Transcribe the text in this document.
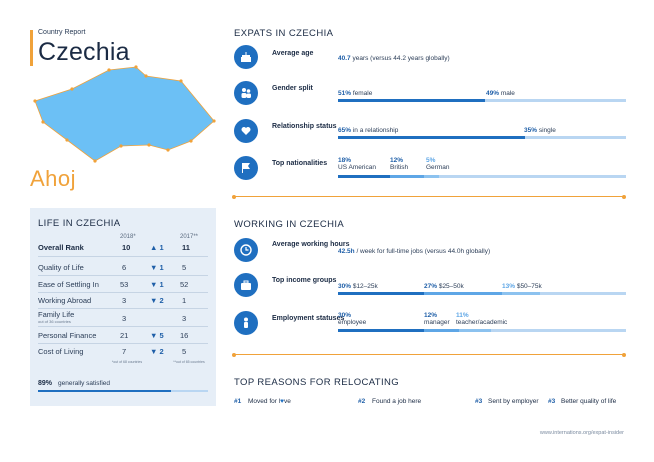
Country Report
Czechia
Ahoj
LIFE IN CZECHIA
2018*	2017**
Overall Rank	10	▲ 1 11
Quality of Life	6	▼ 1 5
Ease of Settling In	53	▼ 1 52
Working Abroad	3	▼ 2 1
Family Life
out of 36 countries	3	3
Personal Finance	21	▼ 5 16
Cost of Living	7	▼ 2 5
*out of 68 countries	**out of 65 countries
89% generally satisfied
EXPATS IN CZECHIA
Average age
40.7 years (versus 44.2 years globally)
Gender split
51% female	49% male
Relationship status
65% in a relationship	35% single
Top nationalities 18%
US American
12%
British
5%
German
WORKING IN CZECHIA
Average working hours
42.5h / week for full-time jobs (versus 44.0h globally)
Top income groups
30% $12–25k	27% $25–50k	13% $50–75k
Employment statuses
30%
employee
12%
manager
11%
teacher/academic
TOP REASONS FOR RELOCATING
#1 Moved for l♥ve	#2 Found a job here	#3 Sent by employer #3 Better quality of life
www.internations.org/expat-insider
